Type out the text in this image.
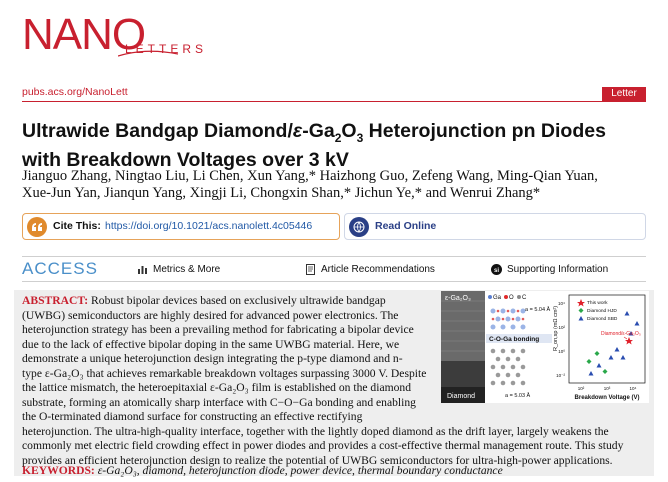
NANO
LETTERS
pubs.acs.org/NanoLett	Letter
Ultrawide Bandgap Diamond/$\varepsilon-Ga_2O_3$ Heterojunction pn Diodes
with Breakdown Voltages over 3 kV
Jianguo Zhang, Ningtao Liu, Li Chen, Xun Yang,* Haizhong Guo, Zefeng Wang, Ming-Qian Yuan,
Xue-Jun Yan, Jianqun Yang, Xingji Li, Chongxin Shan,* Jichun Ye,* and Wenrui Zhang*
Cite This: https://doi.org/10.1021/acs.nanolett.4c05446	Read Online
ACCESS	Metrics & More	Article Recommendations	si Supporting Information
ABSTRACT: Robust bipolar devices based on exclusively ultrawide bandgap
(UWBG) semiconductors are highly desired for advanced power electronics. The
heterojunction strategy has been a prevailing method for fabricating a bipolar device
due to the lack of effective bipolar doping in the same UWBG material. Here, we
demonstrate a unique heterojunction design integrating the p-type diamond and n-
type ε-Ga₂O₃ that achieves remarkable breakdown voltages surpassing 3000 V. Despite
the lattice mismatch, the heteroepitaxial ε-Ga₂O₃ film is established on the diamond
substrate, forming an atomically sharp interface with C−O−Ga bonding and enabling
the O-terminated diamond surface for constructing an effective rectifying
heterojunction. The ultra-high-quality interface, together with the lightly doped diamond as the drift layer, largely weakens the
commonly met electric field crowding effect in power diodes and provides a cost-effective thermal management route. This study
provides an efficient heterojunction design to realize the potential of UWBG semiconductors for ultra-high-power applications.
KEYWORDS: ε-Ga₂O₃, diamond, heterojunction diode, power device, thermal boundary conductance
ε-Ga₂O₃
Diamond
Ga O C
a = 5.04 Å
C-O-Ga bonding
a = 5.03 Å
R_on,sp (mΩ cm²)
10⁴
10²
10⁰
10⁻²
10²	10³	10⁴
Breakdown Voltage (V)
This work
Diamond HJD
Diamond SBD
Diamond/ε-Ga₂O₃
